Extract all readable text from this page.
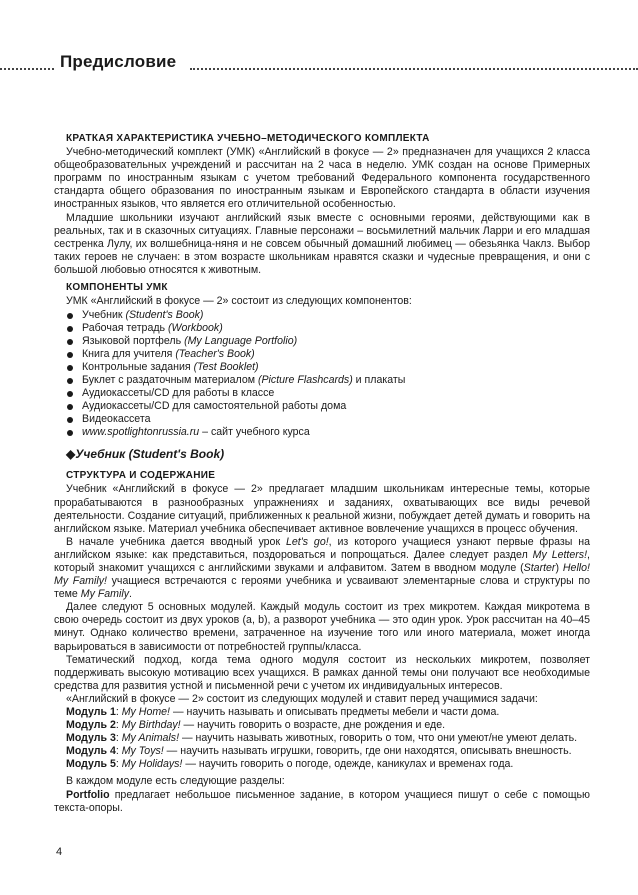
Предисловие
КРАТКАЯ ХАРАКТЕРИСТИКА УЧЕБНО–МЕТОДИЧЕСКОГО КОМПЛЕКТА

Учебно-методический комплект (УМК) «Английский в фокусе — 2» предназначен для учащихся 2 класса общеобразовательных учреждений и рассчитан на 2 часа в неделю. УМК создан на основе Примерных программ по иностранным языкам с учетом требований Федерального компонента государственного стандарта общего образования по иностранным языкам и Европейского стандарта в области изучения иностранных языков, что является его отличительной особенностью.

Младшие школьники изучают английский язык вместе с основными героями, действующими как в реальных, так и в сказочных ситуациях. Главные персонажи – восьмилетний мальчик Ларри и его младшая сестренка Лулу, их волшебница-няня и не совсем обычный домашний любимец — обезьянка Чаклз. Выбор таких героев не случаен: в этом возрасте школьникам нравятся сказки и чудесные превращения, и они с большой любовью относятся к животным.

КОМПОНЕНТЫ УМК

УМК «Английский в фокусе — 2» состоит из следующих компонентов:

Учебник (Student's Book)
Рабочая тетрадь (Workbook)
Языковой портфель (My Language Portfolio)
Книга для учителя (Teacher's Book)
Контрольные задания (Test Booklet)
Буклет с раздаточным материалом (Picture Flashcards) и плакаты
Аудиокассеты/CD для работы в классе
Аудиокассеты/CD для самостоятельной работы дома
Видеокассета
www.spotlightonrussia.ru – сайт учебного курса
◆Учебник (Student's Book)
СТРУКТУРА И СОДЕРЖАНИЕ

Учебник «Английский в фокусе — 2» предлагает младшим школьникам интересные темы, которые прорабатываются в разнообразных упражнениях и заданиях, охватывающих все виды речевой деятельности. Создание ситуаций, приближенных к реальной жизни, побуждает детей думать и говорить на английском языке. Материал учебника обеспечивает активное вовлечение учащихся в процесс обучения.

В начале учебника дается вводный урок Let's go!, из которого учащиеся узнают первые фразы на английском языке: как представиться, поздороваться и попрощаться. Далее следует раздел My Letters!, который знакомит учащихся с английскими звуками и алфавитом. Затем в вводном модуле (Starter) Hello! My Family! учащиеся встречаются с героями учебника и усваивают элементарные слова и структуры по теме My Family.

Далее следуют 5 основных модулей. Каждый модуль состоит из трех микротем. Каждая микротема в свою очередь состоит из двух уроков (a, b), а разворот учебника — это один урок. Урок рассчитан на 40–45 минут. Однако количество времени, затраченное на изучение того или иного материала, может иногда варьироваться в зависимости от потребностей группы/класса.

Тематический подход, когда тема одного модуля состоит из нескольких микротем, позволяет поддерживать высокую мотивацию всех учащихся. В рамках данной темы они получают все необходимые средства для развития устной и письменной речи с учетом их индивидуальных интересов.

«Английский в фокусе — 2» состоит из следующих модулей и ставит перед учащимися задачи:

Модуль 1: My Home! — научить называть и описывать предметы мебели и части дома.
Модуль 2: My Birthday! — научить говорить о возрасте, дне рождения и еде.
Модуль 3: My Animals! — научить называть животных, говорить о том, что они умеют/не умеют делать.
Модуль 4: My Toys! — научить называть игрушки, говорить, где они находятся, описывать внешность.
Модуль 5: My Holidays! — научить говорить о погоде, одежде, каникулах и временах года.

В каждом модуле есть следующие разделы:

Portfolio предлагает небольшое письменное задание, в котором учащиеся пишут о себе с помощью текста-опоры.

4
